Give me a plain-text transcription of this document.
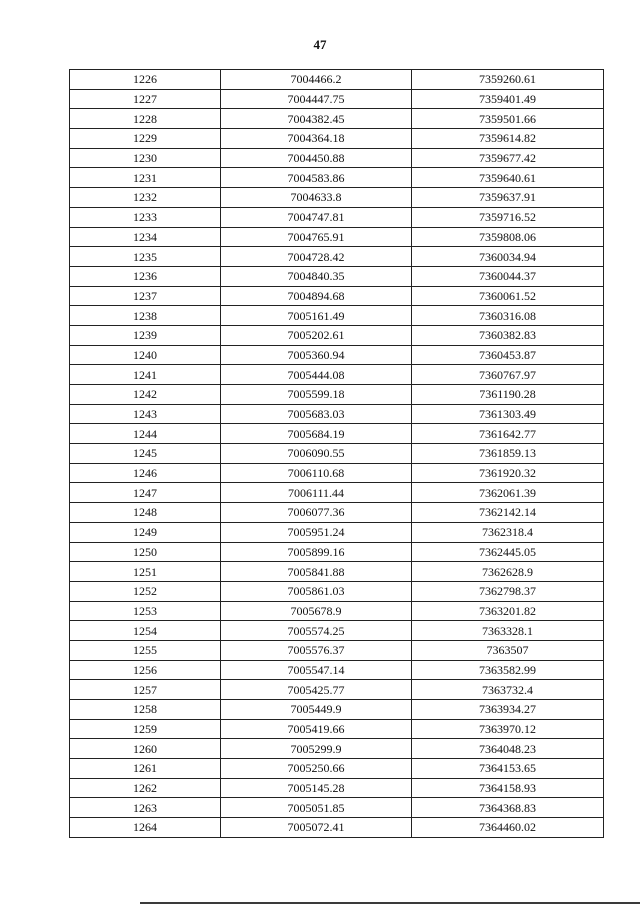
47
1226	7004466.2	7359260.61
1227	7004447.75	7359401.49
1228	7004382.45	7359501.66
1229	7004364.18	7359614.82
1230	7004450.88	7359677.42
1231	7004583.86	7359640.61
1232	7004633.8	7359637.91
1233	7004747.81	7359716.52
1234	7004765.91	7359808.06
1235	7004728.42	7360034.94
1236	7004840.35	7360044.37
1237	7004894.68	7360061.52
1238	7005161.49	7360316.08
1239	7005202.61	7360382.83
1240	7005360.94	7360453.87
1241	7005444.08	7360767.97
1242	7005599.18	7361190.28
1243	7005683.03	7361303.49
1244	7005684.19	7361642.77
1245	7006090.55	7361859.13
1246	7006110.68	7361920.32
1247	7006111.44	7362061.39
1248	7006077.36	7362142.14
1249	7005951.24	7362318.4
1250	7005899.16	7362445.05
1251	7005841.88	7362628.9
1252	7005861.03	7362798.37
1253	7005678.9	7363201.82
1254	7005574.25	7363328.1
1255	7005576.37	7363507
1256	7005547.14	7363582.99
1257	7005425.77	7363732.4
1258	7005449.9	7363934.27
1259	7005419.66	7363970.12
1260	7005299.9	7364048.23
1261	7005250.66	7364153.65
1262	7005145.28	7364158.93
1263	7005051.85	7364368.83
1264	7005072.41	7364460.02
